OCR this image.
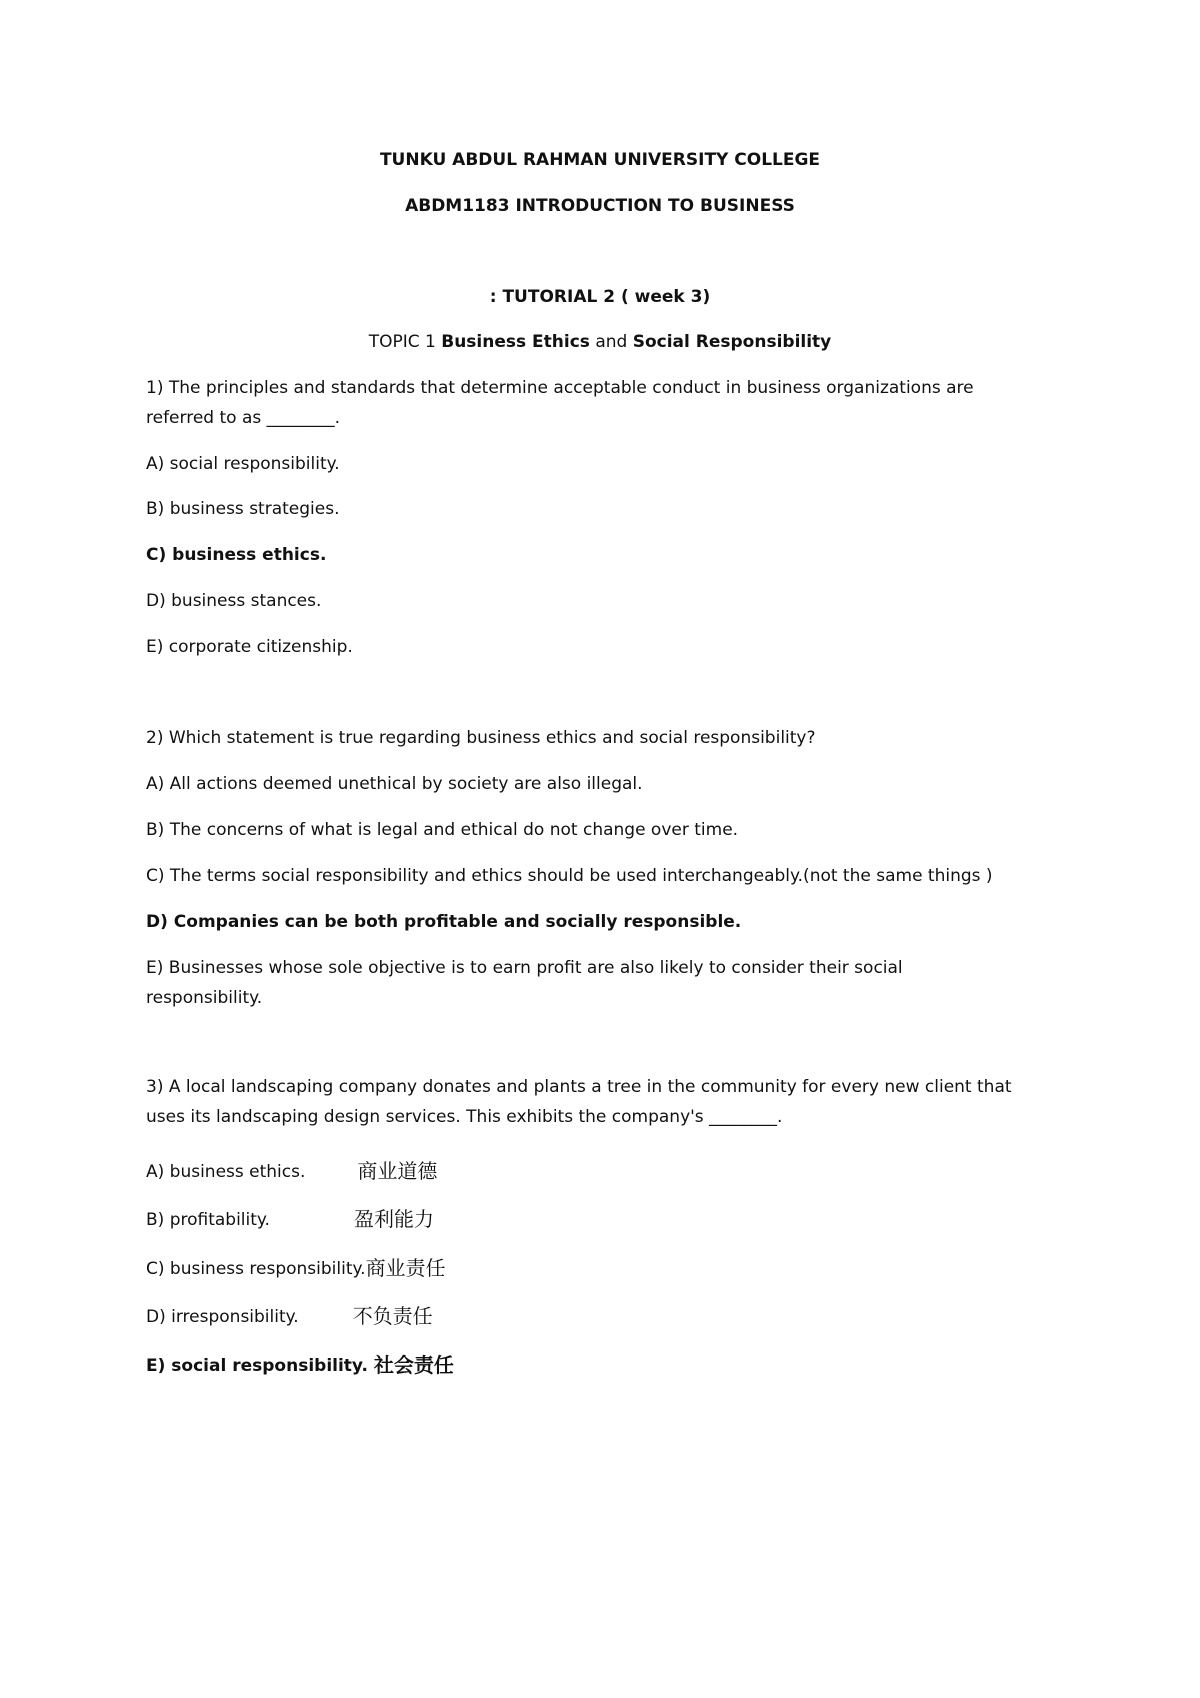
TUNKU ABDUL RAHMAN UNIVERSITY COLLEGE
ABDM1183 INTRODUCTION TO BUSINESS
: TUTORIAL 2 ( week 3)
TOPIC 1 Business Ethics and Social Responsibility
1) The principles and standards that determine acceptable conduct in business organizations are
referred to as ________.
A) social responsibility.
B) business strategies.
C) business ethics.
D) business stances.
E) corporate citizenship.
2) Which statement is true regarding business ethics and social responsibility?
A) All actions deemed unethical by society are also illegal.
B) The concerns of what is legal and ethical do not change over time.
C) The terms social responsibility and ethics should be used interchangeably.(not the same things )
D) Companies can be both profitable and socially responsible.
E) Businesses whose sole objective is to earn profit are also likely to consider their social
responsibility.
3) A local landscaping company donates and plants a tree in the community for every new client that
uses its landscaping design services. This exhibits the company's ________.
A) business ethics.	商业道德
B) profitability.	盈利能力
C) business responsibility.商业责任
D) irresponsibility.	不负责任
E) social responsibility. 社会责任
